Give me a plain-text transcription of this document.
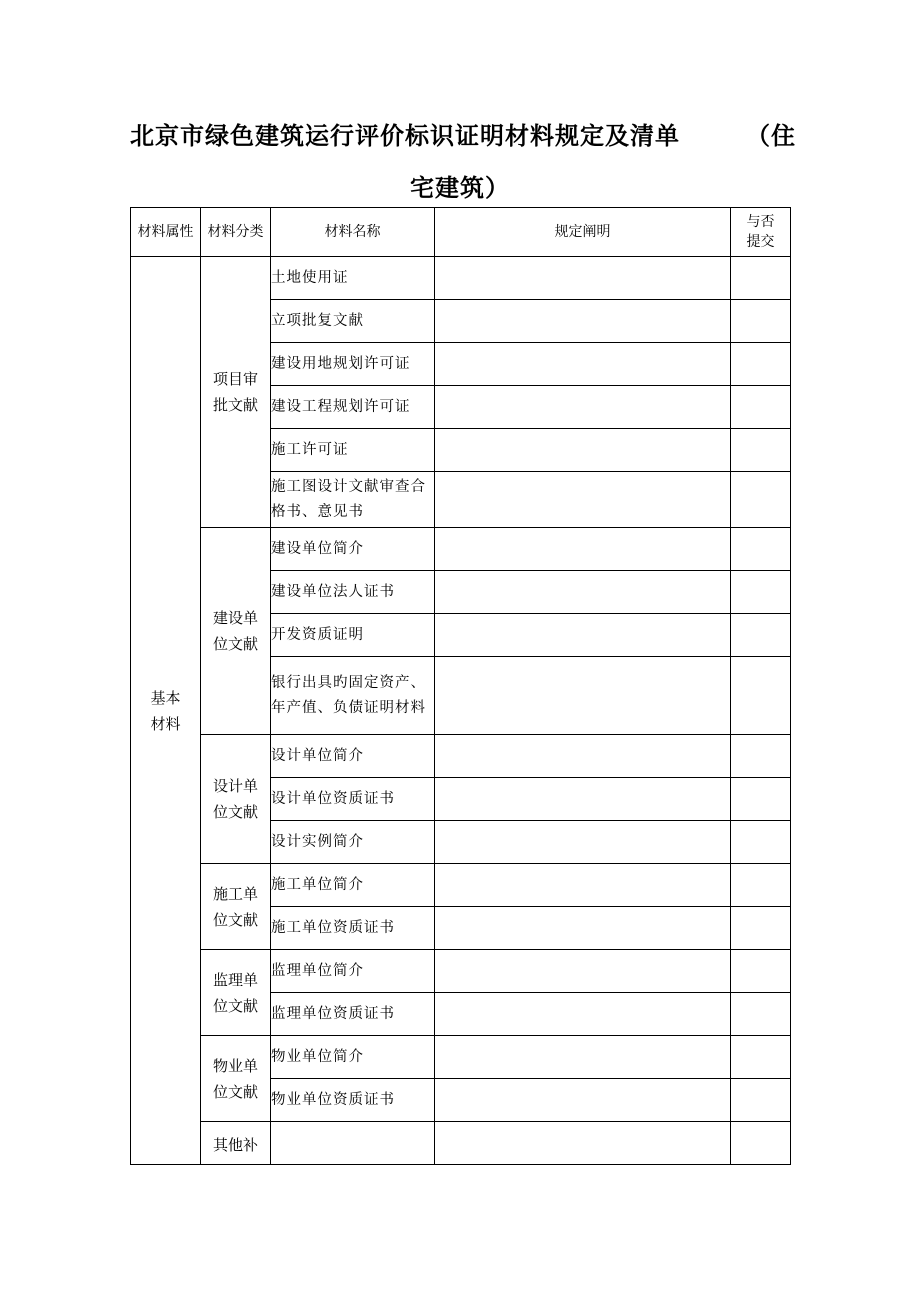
北京市绿色建筑运行评价标识证明材料规定及清单	（住
宅建筑）
材料属性	材料分类	材料名称	规定阐明	与否提交
基本材料	项目审批文献	土地使用证		
		立项批复文献		
		建设用地规划许可证		
		建设工程规划许可证		
		施工许可证		
		施工图设计文献审查合格书、意见书		
	建设单位文献	建设单位简介		
		建设单位法人证书		
		开发资质证明		
		银行出具旳固定资产、年产值、负债证明材料		
	设计单位文献	设计单位简介		
		设计单位资质证书		
		设计实例简介		
	施工单位文献	施工单位简介		
		施工单位资质证书		
	监理单位文献	监理单位简介		
		监理单位资质证书		
	物业单位文献	物业单位简介		
		物业单位资质证书		
	其他补			
